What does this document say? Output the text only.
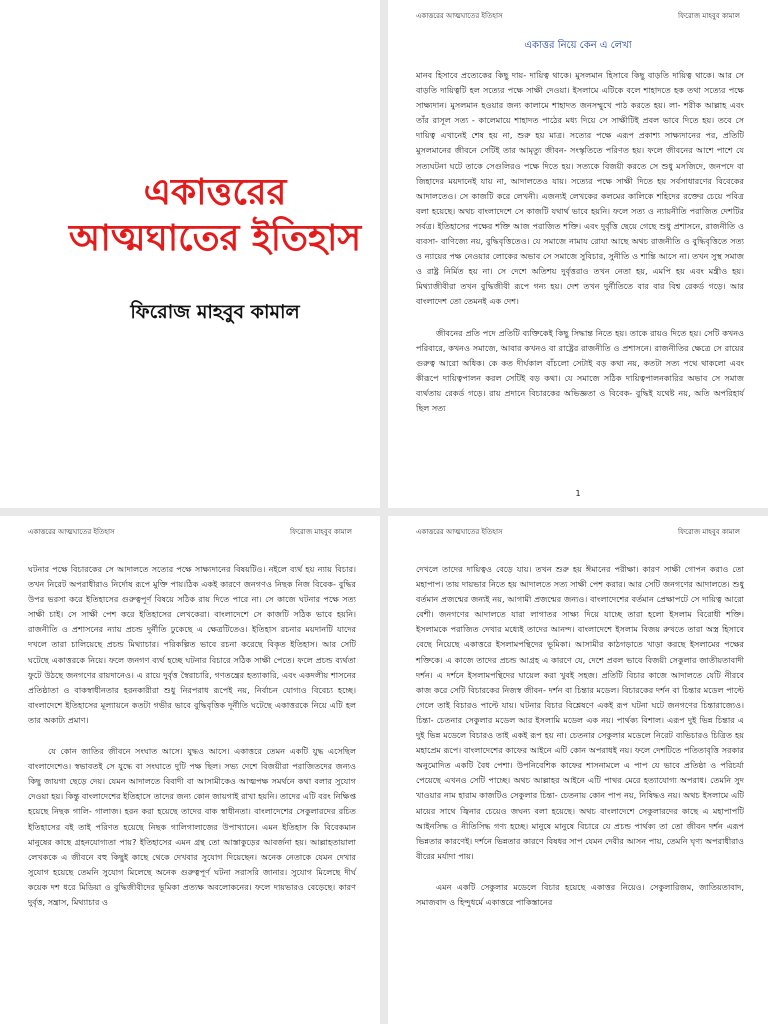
একাত্তরের
আত্মঘাতের ইতিহাস
ফিরোজ মাহবুব কামাল
একাত্তরের আত্মঘাতের ইতিহাস	ফিরোজ মাহবুব কামাল
একাত্তর নিয়ে কেন এ লেখা

মানব হিসাবে প্রত্যেকের কিছু দায়- দায়িত্ব থাকে। মুসলমান হিসাবে কিছু বাড়তি দায়িত্ব থাকে। আর সে বাড়তি দায়িত্বটি হল সত্যের পক্ষে সাক্ষী দেওয়া। ইসলামে এটিকে বলে শাহাদতে হক তথা সত্যের পক্ষে সাক্ষ্যদান। মুসলমান হওয়ার জন্য কালামে শাহাদত জনসম্মুখে পাঠ করতে হয়। লা- শরীক আল্লাহ এবং তাঁর রাসূল সত্য - কালেমায়ে শাহাদত পাঠের মধ্য দিয়ে সে সাক্ষীটিই প্রবল ভাবে দিতে হয়। তবে সে দায়িত্ব এখানেই শেষ হয় না, শুরু হয় মাত্র। সত্যের পক্ষে এরূপ প্রকাশ্য সাক্ষ্যদানের পর, প্রতিটি মুসলমানের জীবনে সেটিই তার আমৃত্যু জীবন- সংস্কৃতিতে পরিণত হয়। ফলে জীবনের আশে পাশে যে সত্যঘটনা ঘটে তাকে সেগুলিরও পক্ষে দিতে হয়। সত্যকে বিজয়ী করতে সে শুধু মসজিদে, জনপদে বা জিহাদের ময়দানেই যায় না, আদালতেও যায়। সত্যের পক্ষে সাক্ষী দিতে হয় সর্বসাধারণের বিবেকের আদালতেও। সে কাজটি করে লেখনী। এজন্যই লেখকের কলমের কালিকে শহিদের রক্তের চেয়ে পবিত্র বলা হয়েছে। অথচ বাংলাদেশে সে কাজটি যথার্থ ভাবে হয়নি। ফলে সত্য ও ন্যায়নীতি পরাজিত দেশটির সর্বত্র। ইতিহাসের পক্ষের শক্তি আজ পরাজিত শক্তি। এবং দুর্বৃত্তি ছেয়ে গেছে শুধু প্রশাসনে, রাজনীতি ও ব্যবসা- বাণিজ্যে নয়, বুদ্ধিবৃত্তিতেও। যে সমাজে নামায রোযা আছে অথচ রাজনীতি ও বুদ্ধিবৃত্তিতে সত্য ও ন্যায়ের পক্ষ নেওয়ার লোকের অভাব সে সমাজে সুবিচার, সুনীতি ও শান্তি আসে না। তখন সুস্থ সমাজ ও রাষ্ট্র নির্মিত হয় না। সে দেশে অতিশয় দুর্বৃত্তরাও তখন নেতা হয়, এমপি হয় এবং মন্ত্রীও হয়। মিথ্যাজীবীরা তখন বুদ্ধিজীবী রূপে গন্য হয়। দেশ তখন দুর্নীতিতে বার বার বিশ্ব রেকর্ড গড়ে। আর বাংলাদেশ তো তেমনই এক দেশ।

জীবনের প্রতি পদে প্রতিটি ব্যক্তিকেই কিছু সিদ্ধান্ত নিতে হয়। তাকে রায়ও দিতে হয়। সেটি কখনও পরিবারে, কখনও সমাজে, আবার কখনও বা রাষ্ট্রের রাজনীতি ও প্রশাসনে। রাজনীতির ক্ষেত্রে সে রায়ের গুরুত্ব আরো অধিক। কে কত দীর্ঘকাল বাঁচলো সেটাই বড় কথা নয়, কতটা সত্য পথে থাকলো এবং কীরূপে দায়িত্বপালন করল সেটিই বড় কথা। যে সমাজে সঠিক দায়িত্বপালনকারির অভাব সে সমাজ ব্যর্থতায় রেকর্ড গড়ে। রায় প্রদানে বিচারকের অভিজ্ঞতা ও বিবেক- বুদ্ধিই যথেষ্ট নয়, অতি অপরিহার্য ছিল সত্য

1
একাত্তরের আত্মঘাতের ইতিহাস	ফিরোজ মাহবুব কামাল

ঘটনার পক্ষে বিচারকের সে আদালতে সত্যের পক্ষে সাক্ষ্যদানের বিষয়টিও। নইলে ব্যর্থ হয় ন্যায় বিচার। তখন নিরেট অপরাধীরাও নির্দোষ রূপে মুক্তি পায়।ঠিক একই কারণে জনগণও নিছক নিজ বিবেক- বুদ্ধির উপর ভরসা করে ইতিহাসের গুরুত্বপূর্ণ বিষয়ে সঠিক রায় দিতে পারে না। সে কাজে ঘটনার পক্ষে সত্য সাক্ষী চাই। সে সাক্ষী পেশ করে ইতিহাসের লেখকেরা। বাংলাদেশে সে কাজটি সঠিক ভাবে হয়নি। রাজনীতি ও প্রশাসনের ন্যায় প্রচন্ড দুর্নীতি ঢুকেছে এ ক্ষেত্রটিতেও। ইতিহাস রচনার ময়দানটি যাদের দখলে তারা চালিয়েছে প্রচন্ড মিথ্যাচার। পরিকল্পিত ভাবে রচনা করেছে বিকৃত ইতিহাস। আর সেটি ঘটেছে একাত্তরকে নিয়ে। ফলে জনগণ ব্যর্থ হচ্ছে ঘটনার বিচারে সঠিক সাক্ষী পেতে। ফলে প্রচন্ড ব্যর্থতা ফুটে উঠছে জনগণের রায়দানেও। এ রায়ে দুর্বৃত্ত স্বৈরাচারি, গণতন্ত্রের হত্যাকারি, এবং একদলীয় শাসনের প্রতিষ্ঠাতা ও বাকস্বাধীনতার হরনকারীরা শুধু নিরপরাধ রূপেই নয়, নির্বাচন যোগ্যও বিবেচ্য হচ্ছে। বাংলাদেশে ইতিহাসের মূল্যায়নে কতটা গভীর ভাবে বুদ্ধিবৃত্তিক দূর্নীতি ঘটেছে একাত্তরকে নিয়ে এটি হল তার অকাট্য প্রমাণ।

যে কোন জাতির জীবনে সংঘাত আসে। যুদ্ধও আসে। একাত্তরে তেমন একটি যুদ্ধ এসেছিল বাংলাদেশেও। স্বভাবতই সে যুদ্ধে বা সংঘাতে দুটি পক্ষ ছিল। সভ্য দেশে বিজয়ীরা পরাজিতদের জন্যও কিছু জায়গা ছেড়ে দেয়। যেমন আদালতে বিবাদী বা আসামীকেও আত্মপক্ষ সমর্থনে কথা বলার সুযোগ দেওয়া হয়। কিন্তু বাংলাদেশের ইতিহাসে তাদের জন্য কোন জায়গাই রাখা হয়নি। তাদের এটি বরং নিক্ষিপ্ত হয়েছে নিছক গালি- গালাজ। হরন করা হয়েছে তাদের বাক স্বাধীনতা। বাংলাদেশের সেকুলারদের রচিত ইতিহাসের বই তাই পরিণত হয়েছে নিছক গালিগালাজের উপাখ্যানে। এমন ইতিহাস কি বিবেকমান মানুষের কাছে গ্রহনযোগ্যতা পায়? ইতিহাসের এমন গ্রন্থ তো আস্তাকুড়ের আবর্জনা হয়। আল্লাহতায়ালা লেখককে এ জীবনে বহু কিছুই কাছে থেকে দেখবার সুযোগ দিয়েছেন। অনেক নেতাকে যেমন দেখার সুযোগ হয়েছে তেমনি সুযোগ মিলেছে অনেক গুরুত্বপূর্ণ ঘটনা সরাসরি জানার। সুযোগ মিলেছে দীর্ঘ কয়েক দশ ধরে মিডিয়া ও বুদ্ধিজীবীদের ভূমিকা প্রত্যক্ষ অবলোকনের। ফলে দায়ভারও বেড়েছে। কারণ দুর্বৃত্ত, সন্ত্রাস, মিথ্যাচার ও

একাত্তরের আত্মঘাতের ইতিহাস	ফিরোজ মাহবুব কামাল

দেখলে তাদের দায়িত্বও বেড়ে যায়। তখন শুরু হয় ঈমানের পরীক্ষা। কারণ সাক্ষী গোপন করাও তো মহাপাপ। তায় দায়ভার নিতে হয় আদালতে সত্য সাক্ষী পেশ করার। আর সেটি জনগণের আদালতে। শুধু বর্তমান প্রজন্মের জন্যই নয়, আগামী প্রজন্মের জন্যও। বাংলাদেশের বর্তমান প্রেক্ষাপটে সে দায়িত্ব আরো বেশী। জনগণের আদালতে যারা লাগাতর সাক্ষ্য দিয়ে যাচ্ছে তারা হলো ইসলাম বিরোধী শক্তি। ইসলামকে পরাজিত দেখার মধ্যেই তাদের আনন্দ। বাংলাদেশে ইসলাম বিজয় রুখতে তারা অস্ত্র হিসাবে বেছে নিয়েছে একাত্তরে ইসলামপন্থিদের ভূমিকা। আসামীর কাঠগড়াতে খাড়া করছে ইসলামের পক্ষের শক্তিকে। এ কাজে তাদের প্রচন্ড আগ্রহ এ কারণে যে, দেশে প্রবল ভাবে বিজয়ী সেকুলার জাতীয়তাবাদী দর্শন। এ দর্শনে ইসলামপন্থিদের ঘায়েল করা খুবই সহজ। প্রতিটি বিচার কাজে আদালতে যেটি নীরবে কাজ করে সেটি বিচারকের নিজস্ব জীবন- দর্শন বা চিন্তার মডেল। বিচারকের দর্শন বা চিন্তার মডেল পাল্টে গেলে তাই বিচারও পাল্টে যায়। ঘটনার বিচার বিশ্লেষণে একই রূপ ঘটনা ঘটে জনগণের চিন্তারাজ্যেও। চিন্তা- চেতনার সেকুলার মডেল আর ইসলামি মডেল এক নয়। পার্থক্য বিশাল। এরূপ দুই ভিন্ন চিন্তার এ দুই ভিন্ন মডেলে বিচারও তাই একই রূপ হয় না। চেতনার সেকুলার মডেলে নিরেট ব্যভিচারও চিত্রিত হয় মহাপ্রেম রূপে। বাংলাদেশের কাফের আইনে এটি কোন অপরাধই নয়। ফলে দেশটিতে পতিতাবৃত্তি সরকার অনুমোদিত একটি বৈধ পেশা। উপনিবেশিক কাফের শাসনামলে এ পাপ যে ভাবে প্রতিষ্ঠা ও পরিচর্যা পেয়েছে এখনও সেটি পাচ্ছে। অথচ আল্লাহর আইনে এটি পাথর মেরে হত্যাযোগ্য অপরাধ। তেমনি সুদ খাওয়ার নাম হারাম কাজটিও সেকুলার চিন্তা- চেতনায় কোন পাপ নয়, নিষিদ্ধও নয়। অথচ ইসলামে এটি মায়ের সাথে জ্বিনার চেয়েও জঘন্য বলা হয়েছে। অথচ বাংলাদেশে সেকুলারদের কাছে এ মহাপাপটি আইনসিদ্ধ ও নীতিসিদ্ধ গণ্য হচ্ছে। মানুষে মানুষে বিচারে যে প্রচন্ড পার্থক্য তা তো জীবন দর্শন এরূপ ভিন্নতার কারণেই। দর্শনে ভিন্নতার কারণে বিষধর সাপ যেমন দেবীর আসন পায়, তেমনি ঘৃণ্য অপরাধীরাও বীরের মর্যাদা পায়।

এমন একটি সেকুলার মডেলে বিচার হয়েছে একাত্তর নিয়েও। সেকুলারিজম, জাতিয়তাবাদ, সমাজবাদ ও হিন্দুধর্মে একাত্তরে পাকিস্তানের
